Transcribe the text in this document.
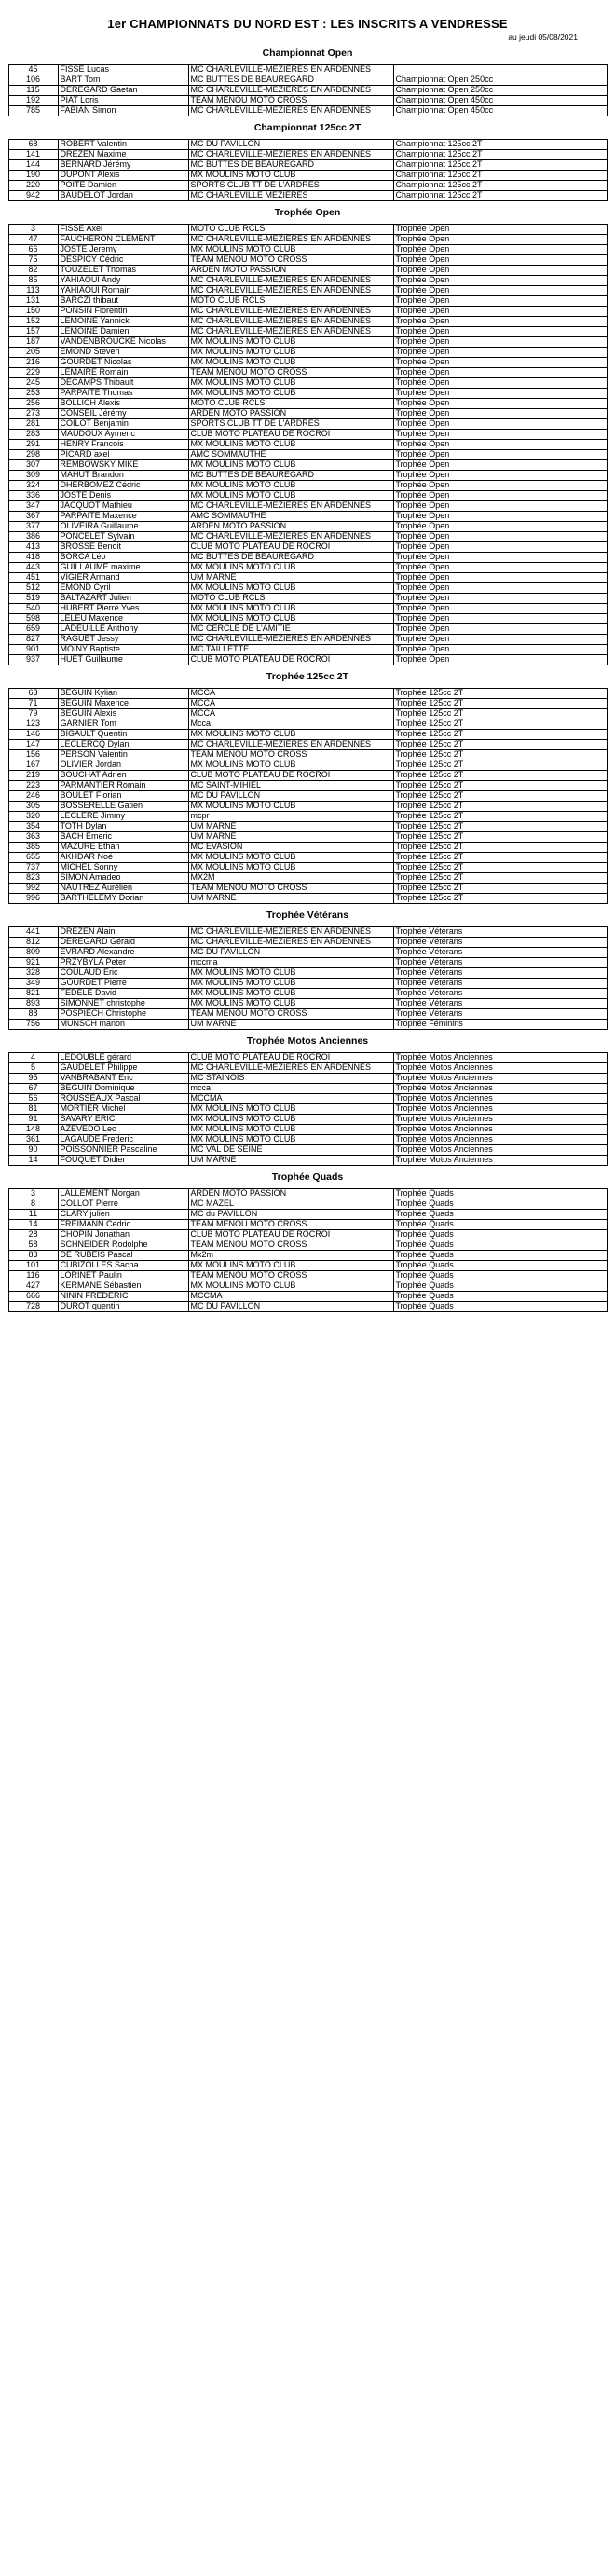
1er CHAMPIONNATS DU NORD EST : LES INSCRITS A VENDRESSE
au jeudi 05/08/2021
Championnat Open
45	FISSE Lucas	MC CHARLEVILLE-MEZIERES EN ARDENNES	
106	BART Tom	MC BUTTES DE BEAUREGARD	Championnat Open 250cc
115	DEREGARD Gaetan	MC CHARLEVILLE-MEZIERES EN ARDENNES	Championnat Open 250cc
192	PIAT Loris	TEAM MENOU MOTO CROSS	Championnat Open 450cc
785	FABIAN Simon	MC CHARLEVILLE-MEZIERES EN ARDENNES	Championnat Open 450cc
Championnat 125cc 2T
68	ROBERT Valentin	MC DU PAVILLON	Championnat 125cc 2T
141	DREZEN Maxime	MC CHARLEVILLE-MEZIERES EN ARDENNES	Championnat 125cc 2T
144	BERNARD Jérémy	MC BUTTES DE BEAUREGARD	Championnat 125cc 2T
190	DUPONT Alexis	MX MOULINS MOTO CLUB	Championnat 125cc 2T
220	POITE Damien	SPORTS CLUB TT DE L'ARDRES	Championnat 125cc 2T
942	BAUDELOT Jordan	MC CHARLEVILLE MEZIERES	Championnat 125cc 2T
Trophée Open
3	FISSE Axel	MOTO CLUB RCLS	Trophée Open
47	FAUCHERON CLEMENT	MC CHARLEVILLE-MEZIERES EN ARDENNES	Trophée Open
66	JOSTE Jeremy	MX MOULINS MOTO CLUB	Trophée Open
75	DESPICY Cédric	TEAM MENOU MOTO CROSS	Trophée Open
82	TOUZELET Thomas	ARDEN MOTO PASSION	Trophée Open
85	YAHIAOUI Andy	MC CHARLEVILLE-MEZIERES EN ARDENNES	Trophée Open
113	YAHIAOUI Romain	MC CHARLEVILLE-MEZIERES EN ARDENNES	Trophée Open
131	BARCZI thibaut	MOTO CLUB RCLS	Trophée Open
150	PONSIN Florentin	MC CHARLEVILLE-MEZIERES EN ARDENNES	Trophée Open
152	LEMOINE Yannick	MC CHARLEVILLE-MEZIERES EN ARDENNES	Trophée Open
157	LEMOINE Damien	MC CHARLEVILLE-MEZIERES EN ARDENNES	Trophée Open
187	VANDENBROUCKE Nicolas	MX MOULINS MOTO CLUB	Trophée Open
205	EMOND Steven	MX MOULINS MOTO CLUB	Trophée Open
216	GOURDET Nicolas	MX MOULINS MOTO CLUB	Trophée Open
229	LEMAIRE Romain	TEAM MENOU MOTO CROSS	Trophée Open
245	DECAMPS Thibault	MX MOULINS MOTO CLUB	Trophée Open
253	PARPAITE Thomas	MX MOULINS MOTO CLUB	Trophée Open
256	BOLLICH Alexis	MOTO CLUB RCLS	Trophée Open
273	CONSEIL Jérémy	ARDEN MOTO PASSION	Trophée Open
281	COILOT Benjamin	SPORTS CLUB TT DE L'ARDRES	Trophée Open
283	MAUDOUX Aymeric	CLUB MOTO PLATEAU DE ROCROI	Trophée Open
291	HENRY Francois	MX MOULINS MOTO CLUB	Trophée Open
298	PICARD axel	AMC SOMMAUTHE	Trophée Open
307	REMBOWSKY MIKE	MX MOULINS MOTO CLUB	Trophée Open
309	MAHUT Brandon	MC BUTTES DE BEAUREGARD	Trophée Open
324	DHERBOMEZ Cédric	MX MOULINS MOTO CLUB	Trophée Open
336	JOSTE Denis	MX MOULINS MOTO CLUB	Trophée Open
347	JACQUOT Mathieu	MC CHARLEVILLE-MEZIERES EN ARDENNES	Trophée Open
367	PARPAITE Maxence	AMC SOMMAUTHE	Trophée Open
377	OLIVEIRA Guillaume	ARDEN MOTO PASSION	Trophée Open
386	PONCELET Sylvain	MC CHARLEVILLE-MEZIERES EN ARDENNES	Trophée Open
413	BROSSE Benoit	CLUB MOTO PLATEAU DE ROCROI	Trophée Open
418	BORCA Léo	MC BUTTES DE BEAUREGARD	Trophée Open
443	GUILLAUME maxime	MX MOULINS MOTO CLUB	Trophée Open
451	VIGIER Armand	UM MARNE	Trophée Open
512	EMOND Cyril	MX MOULINS MOTO CLUB	Trophée Open
519	BALTAZART Julien	MOTO CLUB RCLS	Trophée Open
540	HUBERT Pierre Yves	MX MOULINS MOTO CLUB	Trophée Open
598	LELEU Maxence	MX MOULINS MOTO CLUB	Trophée Open
659	LADEUILLE Anthony	MC CERCLE DE L'AMITIE	Trophée Open
827	RAGUET Jessy	MC CHARLEVILLE-MEZIERES EN ARDENNES	Trophée Open
901	MOINY Baptiste	MC TAILLETTE	Trophée Open
937	HUET Guillaume	CLUB MOTO PLATEAU DE ROCROI	Trophée Open
Trophée 125cc 2T
63	BEGUIN Kylian	MCCA	Trophée 125cc 2T
71	BEGUIN Maxence	MCCA	Trophée 125cc 2T
79	BEGUIN Alexis	MCCA	Trophée 125cc 2T
123	GARNIER Tom	Mcca	Trophée 125cc 2T
146	BIGAULT Quentin	MX MOULINS MOTO CLUB	Trophée 125cc 2T
147	LECLERCQ Dylan	MC CHARLEVILLE-MEZIERES EN ARDENNES	Trophée 125cc 2T
156	PERSON Valentin	TEAM MENOU MOTO CROSS	Trophée 125cc 2T
167	OLIVIER Jordan	MX MOULINS MOTO CLUB	Trophée 125cc 2T
219	BOUCHAT Adrien	CLUB MOTO PLATEAU DE ROCROI	Trophée 125cc 2T
223	PARMANTIER Romain	MC SAINT-MIHIEL	Trophée 125cc 2T
246	BOULET Florian	MC DU PAVILLON	Trophée 125cc 2T
305	BOSSERELLE Gatien	MX MOULINS MOTO CLUB	Trophée 125cc 2T
320	LECLERE Jimmy	mcpr	Trophée 125cc 2T
354	TOTH Dylan	UM MARNE	Trophée 125cc 2T
363	BACH Emeric	UM MARNE	Trophée 125cc 2T
385	MAZURE Ethan	MC EVASION	Trophée 125cc 2T
655	AKHDAR Noé	MX MOULINS MOTO CLUB	Trophée 125cc 2T
737	MICHEL Sonny	MX MOULINS MOTO CLUB	Trophée 125cc 2T
823	SIMON Amadeo	MX2M	Trophée 125cc 2T
992	NAUTREZ Aurélien	TEAM MENOU MOTO CROSS	Trophée 125cc 2T
996	BARTHELEMY Dorian	UM MARNE	Trophée 125cc 2T
Trophée Vétérans
441	DREZEN Alain	MC CHARLEVILLE-MEZIERES EN ARDENNES	Trophée Vétérans
812	DEREGARD Gérald	MC CHARLEVILLE-MEZIERES EN ARDENNES	Trophée Vétérans
809	EVRARD Alexandre	MC DU PAVILLON	Trophée Vétérans
921	PRZYBYLA Peter	mccma	Trophée Vétérans
328	COULAUD Eric	MX MOULINS MOTO CLUB	Trophée Vétérans
349	GOURDET Pierre	MX MOULINS MOTO CLUB	Trophée Vétérans
821	FEDELE David	MX MOULINS MOTO CLUB	Trophée Vétérans
893	SIMONNET christophe	MX MOULINS MOTO CLUB	Trophée Vétérans
88	POSPIECH Christophe	TEAM MENOU MOTO CROSS	Trophée Vétérans
756	MUNSCH manon	UM MARNE	Trophée Féminins
Trophée Motos Anciennes
4	LEDOUBLE gérard	CLUB MOTO PLATEAU DE ROCROI	Trophée Motos Anciennes
5	GAUDELET Philippe	MC CHARLEVILLE-MEZIERES EN ARDENNES	Trophée Motos Anciennes
95	VANBRABANT Eric	MC STAINOIS	Trophée Motos Anciennes
67	BEGUIN Dominique	mcca	Trophée Motos Anciennes
56	ROUSSEAUX Pascal	MCCMA	Trophée Motos Anciennes
81	MORTIER Michel	MX MOULINS MOTO CLUB	Trophée Motos Anciennes
91	SAVARY ERIC	MX MOULINS MOTO CLUB	Trophée Motos Anciennes
148	AZEVEDO Leo	MX MOULINS MOTO CLUB	Trophée Motos Anciennes
361	LAGAUDE Frederic	MX MOULINS MOTO CLUB	Trophée Motos Anciennes
90	POISSONNIER Pascaline	MC VAL DE SEINE	Trophée Motos Anciennes
14	FOUQUET Didier	UM MARNE	Trophée Motos Anciennes
Trophée Quads
3	LALLEMENT Morgan	ARDEN MOTO PASSION	Trophée Quads
8	COLLOT Pierre	MC MAZEL	Trophée Quads
11	CLARY julien	MC du PAVILLON	Trophée Quads
14	FREIMANN Cedric	TEAM MENOU MOTO CROSS	Trophée Quads
28	CHOPIN Jonathan	CLUB MOTO PLATEAU DE ROCROI	Trophée Quads
58	SCHNEIDER Rodolphe	TEAM MENOU MOTO CROSS	Trophée Quads
83	DE RUBEIS Pascal	Mx2m	Trophée Quads
101	CUBIZOLLES Sacha	MX MOULINS MOTO CLUB	Trophée Quads
116	LORINET Paulin	TEAM MENOU MOTO CROSS	Trophée Quads
427	KERMANE Sébastien	MX MOULINS MOTO CLUB	Trophée Quads
666	NININ FREDERIC	MCCMA	Trophée Quads
728	DUROT quentin	MC DU PAVILLON	Trophée Quads
